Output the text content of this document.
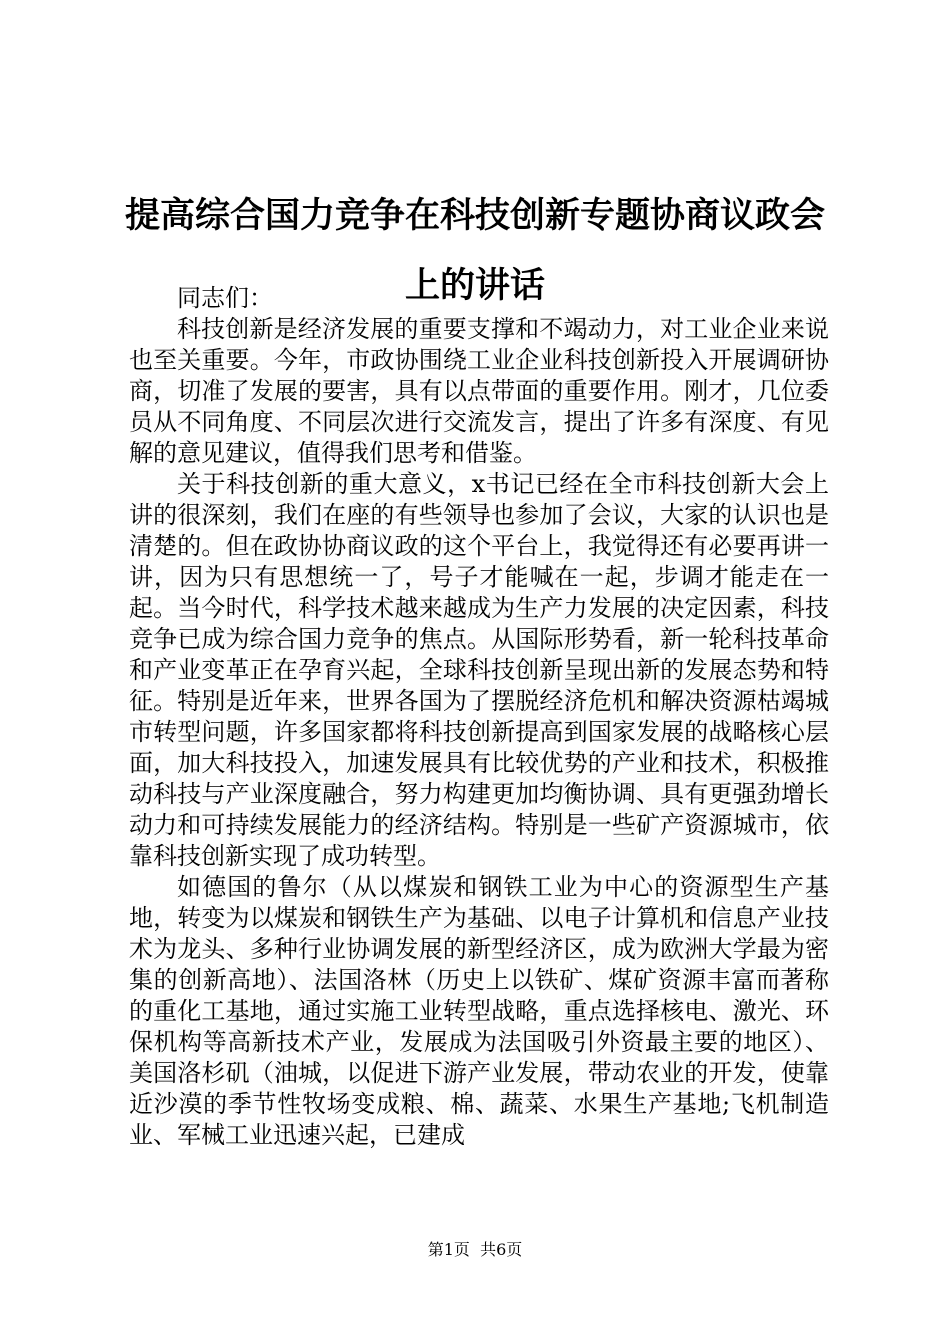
提高综合国力竞争在科技创新专题协商议政会
上的讲话

同志们：

科技创新是经济发展的重要支撑和不竭动力，对工业企业来说也至关重要。今年，市政协围绕工业企业科技创新投入开展调研协商，切准了发展的要害，具有以点带面的重要作用。刚才，几位委员从不同角度、不同层次进行交流发言，提出了许多有深度、有见解的意见建议，值得我们思考和借鉴。

关于科技创新的重大意义，x书记已经在全市科技创新大会上讲的很深刻，我们在座的有些领导也参加了会议，大家的认识也是清楚的。但在政协协商议政的这个平台上，我觉得还有必要再讲一讲，因为只有思想统一了，号子才能喊在一起，步调才能走在一起。当今时代，科学技术越来越成为生产力发展的决定因素，科技竞争已成为综合国力竞争的焦点。从国际形势看，新一轮科技革命和产业变革正在孕育兴起，全球科技创新呈现出新的发展态势和特征。特别是近年来，世界各国为了摆脱经济危机和解决资源枯竭城市转型问题，许多国家都将科技创新提高到国家发展的战略核心层面，加大科技投入，加速发展具有比较优势的产业和技术，积极推动科技与产业深度融合，努力构建更加均衡协调、具有更强劲增长动力和可持续发展能力的经济结构。特别是一些矿产资源城市，依靠科技创新实现了成功转型。

如德国的鲁尔（从以煤炭和钢铁工业为中心的资源型生产基地，转变为以煤炭和钢铁生产为基础、以电子计算机和信息产业技术为龙头、多种行业协调发展的新型经济区，成为欧洲大学最为密集的创新高地）、法国洛林（历史上以铁矿、煤矿资源丰富而著称的重化工基地，通过实施工业转型战略，重点选择核电、激光、环保机构等高新技术产业，发展成为法国吸引外资最主要的地区）、美国洛杉矶（油城，以促进下游产业发展，带动农业的开发，使靠近沙漠的季节性牧场变成粮、棉、蔬菜、水果生产基地;飞机制造业、军械工业迅速兴起，已建成

第1页  共6页
